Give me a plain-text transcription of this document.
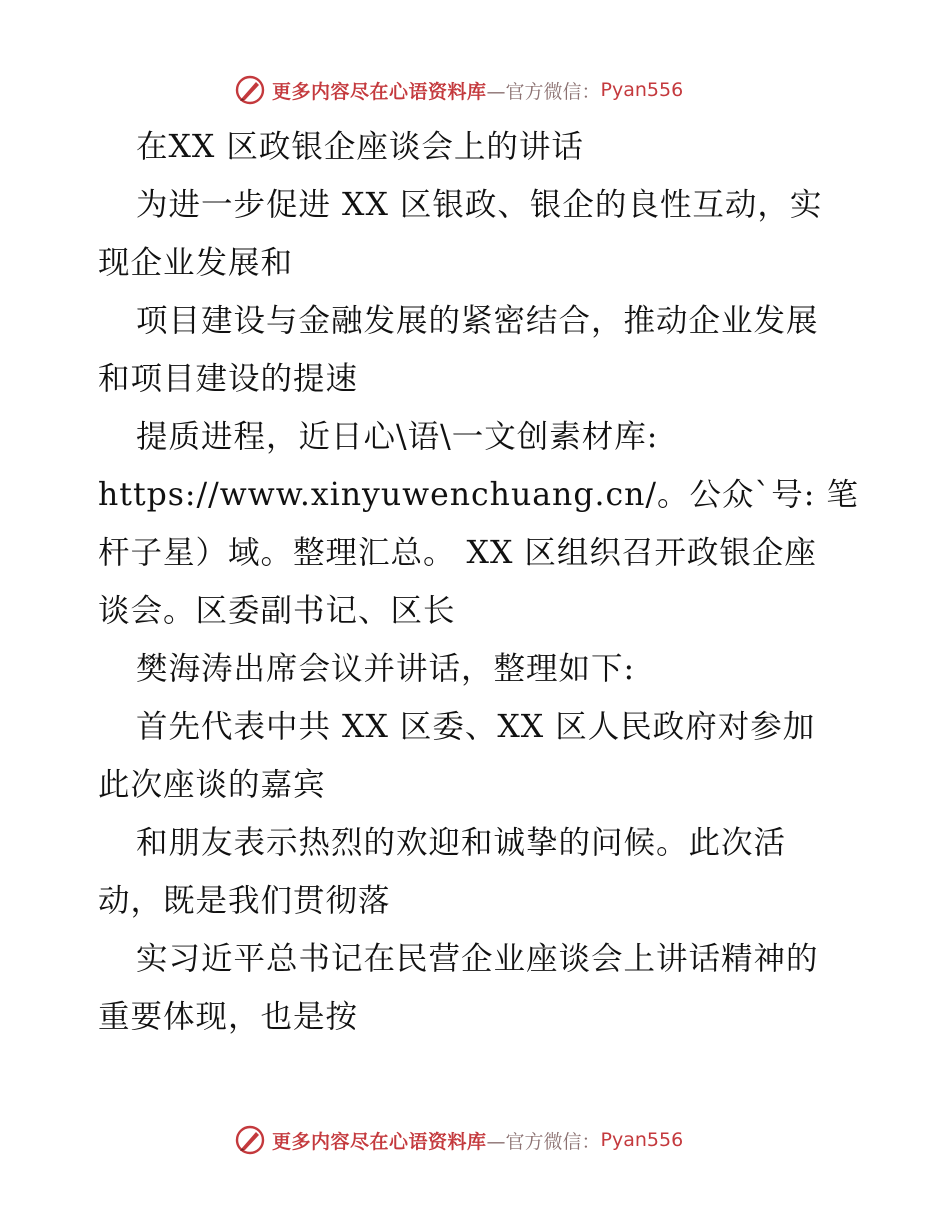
更多内容尽在心语资料库 —官方微信： Pyan556
在XX 区政银企座谈会上的讲话
为进一步促进 XX 区银政、银企的良性互动，实
现企业发展和
项目建设与金融发展的紧密结合，推动企业发展
和项目建设的提速
提质进程，近日心\语\一文创素材库:
https://www.xinyuwenchuang.cn/。公众`号: 笔
杆子星）域。整理汇总。 XX 区组织召开政银企座
谈会。区委副书记、区长
樊海涛出席会议并讲话，整理如下:
首先代表中共 XX 区委、XX 区人民政府对参加
此次座谈的嘉宾
和朋友表示热烈的欢迎和诚挚的问候。此次活
动，既是我们贯彻落
实习近平总书记在民营企业座谈会上讲话精神的
重要体现，也是按
更多内容尽在心语资料库 —官方微信： Pyan556
